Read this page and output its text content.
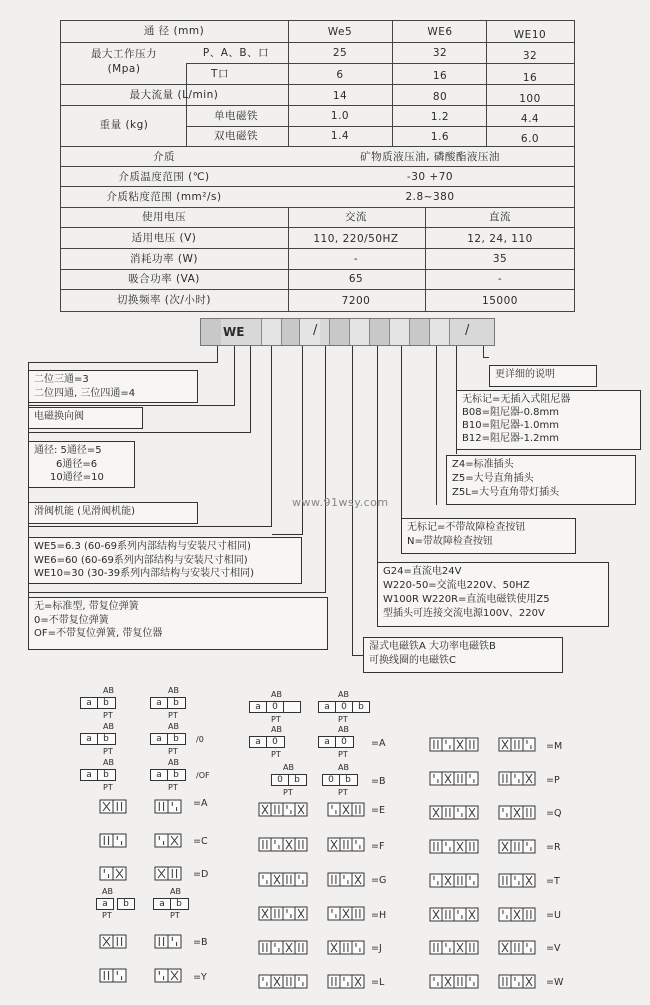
通 径 (mm)	We5	WE6	WE10
最大工作压力
(Mpa)
P、A、B、口	25	32	32
T口	6	16	16
最大流量 (L/min)	14	80	100
重量 (kg)
单电磁铁	1.0	1.2	4.4
双电磁铁	1.4	1.6	6.0
介质	矿物质液压油, 磷酸酯液压油
介质温度范围 (℃)	-30 +70
介质粘度范围 (mm²/s)	2.8~380
使用电压	交流	直流
适用电压 (V)	110, 220/50HZ	12, 24, 110
消耗功率 (W)	-	35
吸合功率 (VA)	65	-
切换频率 (次/小时)	7200	15000
WE	/	/
二位三通=3
二位四通, 三位四通=4
电磁换向阀
通径: 5通径=5
6通径=6
10通径=10
滑阀机能 (见滑阀机能)
WE5=6.3 (60-69系列内部结构与安装尺寸相同)
WE6=60 (60-69系列内部结构与安装尺寸相同)
WE10=30 (30-39系列内部结构与安装尺寸相同)
无=标准型, 带复位弹簧
0=不带复位弹簧
OF=不带复位弹簧, 带复位器
更详细的说明
无标记=无插入式阻尼器
B08=阻尼器-0.8mm
B10=阻尼器-1.0mm
B12=阻尼器-1.2mm
Z4=标准插头
Z5=大号直角插头
Z5L=大号直角带灯插头
无标记=不带故障检查按钮
N=带故障检查按钮
G24=直流电24V
W220-50=交流电220V、50HZ
W100R W220R=直流电磁铁使用Z5
型插头可连接交流电源100V、220V
湿式电磁铁A 大功率电磁铁B
可换线圈的电磁铁C
www.91wsy.com
AB
a b
PT
AB
a b
PT
AB
a b
PT
AB
a b	/0
PT
AB
a b
PT
AB
a b	/OF
PT
AB
a 0
PT
AB
a 0 b
PT
AB
a 0
PT
AB
a 0
PT
AB
0 b
PT
AB
0 b
PT
AB
a	b
PT
AB
a b
PT
=A
=C
=D
=B
=Y
=A
=B
=E
=F
=G
=H
=J
=L
=M
=P
=Q
=R
=T
=U
=V
=W
